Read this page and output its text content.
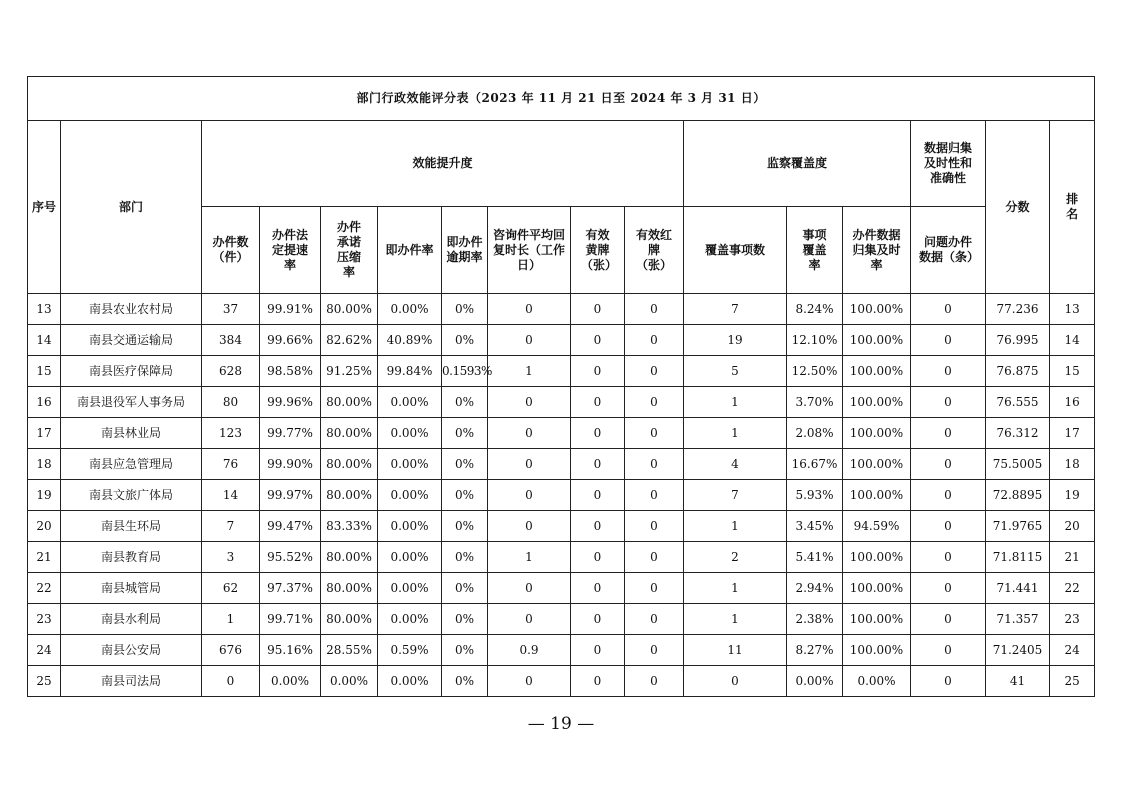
部门行政效能评分表（2023 年 11 月 21 日至 2024 年 3 月 31 日）															
序号	部门	效能提升度								监察覆盖度			数据归集及时性和准确性	分数	排名
		办件数（件）	办件法定提速率	办件承诺压缩率	即办件率	即办件逾期率	咨询件平均回复时长（工作日）	有效黄牌（张）	有效红牌（张）	覆盖事项数	事项覆盖率	办件数据归集及时率	问题办件数据（条）		
13	南县农业农村局	37	99.91%	80.00%	0.00%	0%	0	0	0	7	8.24%	100.00%	0	77.236	13
14	南县交通运输局	384	99.66%	82.62%	40.89%	0%	0	0	0	19	12.10%	100.00%	0	76.995	14
15	南县医疗保障局	628	98.58%	91.25%	99.84%	0.1593%	1	0	0	5	12.50%	100.00%	0	76.875	15
16	南县退役军人事务局	80	99.96%	80.00%	0.00%	0%	0	0	0	1	3.70%	100.00%	0	76.555	16
17	南县林业局	123	99.77%	80.00%	0.00%	0%	0	0	0	1	2.08%	100.00%	0	76.312	17
18	南县应急管理局	76	99.90%	80.00%	0.00%	0%	0	0	0	4	16.67%	100.00%	0	75.5005	18
19	南县文旅广体局	14	99.97%	80.00%	0.00%	0%	0	0	0	7	5.93%	100.00%	0	72.8895	19
20	南县生环局	7	99.47%	83.33%	0.00%	0%	0	0	0	1	3.45%	94.59%	0	71.9765	20
21	南县教育局	3	95.52%	80.00%	0.00%	0%	1	0	0	2	5.41%	100.00%	0	71.8115	21
22	南县城管局	62	97.37%	80.00%	0.00%	0%	0	0	0	1	2.94%	100.00%	0	71.441	22
23	南县水利局	1	99.71%	80.00%	0.00%	0%	0	0	0	1	2.38%	100.00%	0	71.357	23
24	南县公安局	676	95.16%	28.55%	0.59%	0%	0.9	0	0	11	8.27%	100.00%	0	71.2405	24
25	南县司法局	0	0.00%	0.00%	0.00%	0%	0	0	0	0	0.00%	0.00%	0	41	25
— 19 —
